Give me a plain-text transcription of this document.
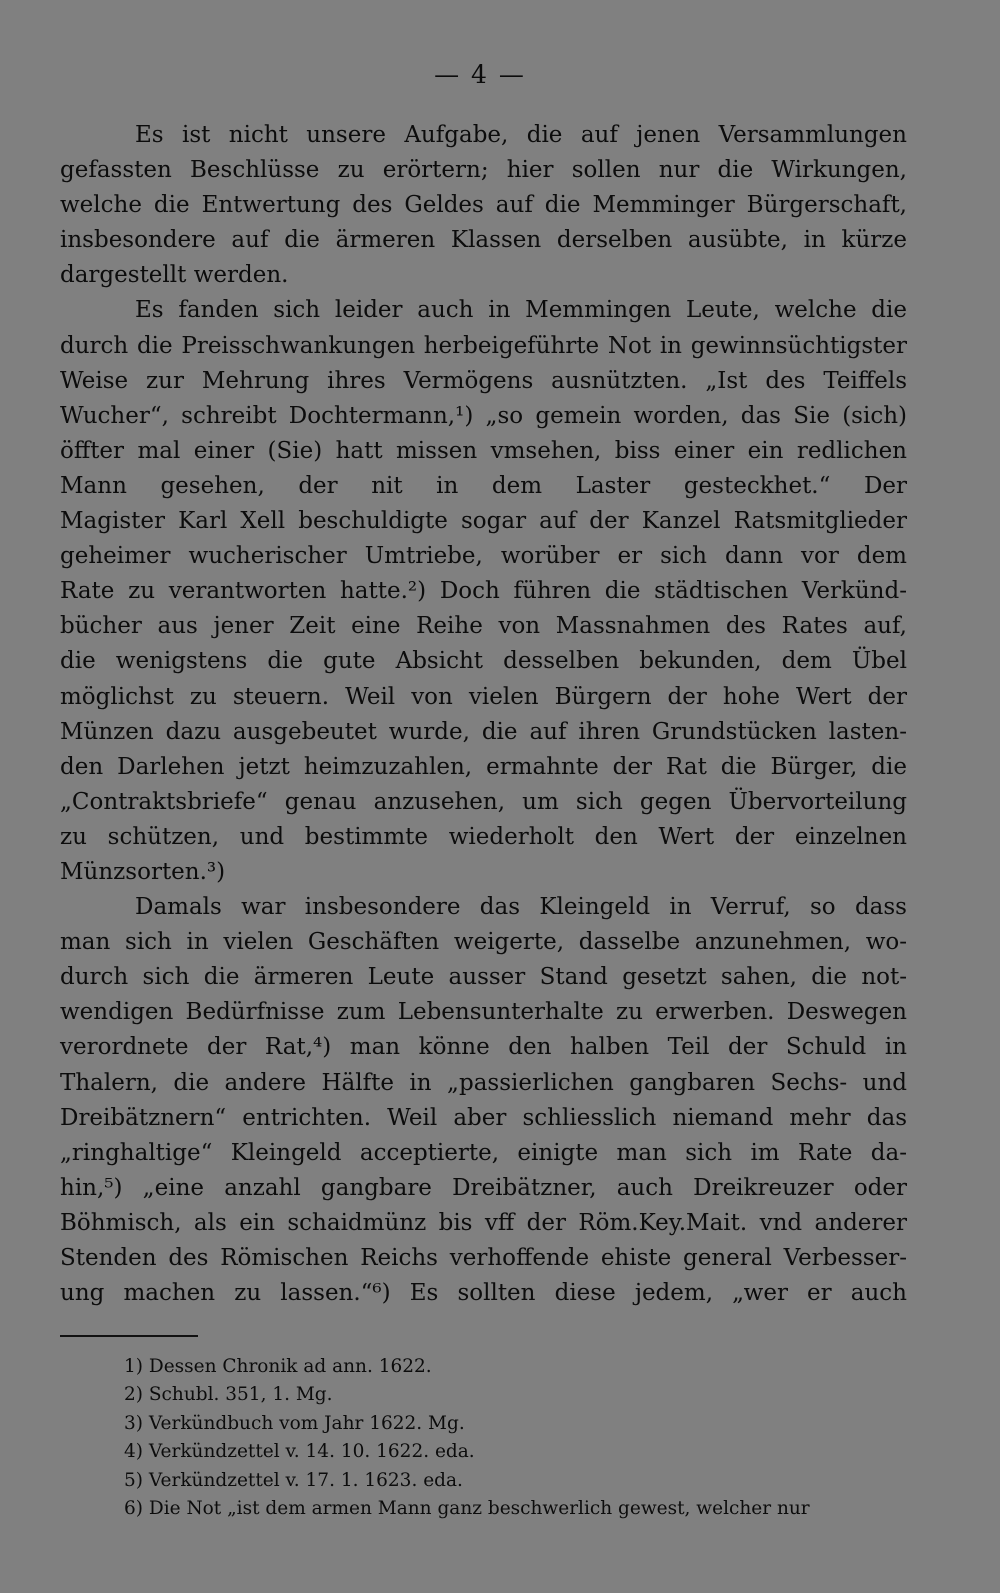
— 4 —
Es ist nicht unsere Aufgabe, die auf jenen Versammlungen
gefassten Beschlüsse zu erörtern; hier sollen nur die Wirkungen,
welche die Entwertung des Geldes auf die Memminger Bürgerschaft,
insbesondere auf die ärmeren Klassen derselben ausübte, in kürze
dargestellt werden.
Es fanden sich leider auch in Memmingen Leute, welche die
durch die Preisschwankungen herbeigeführte Not in gewinnsüchtigster
Weise zur Mehrung ihres Vermögens ausnützten. „Ist des Teiffels
Wucher“, schreibt Dochtermann,¹) „so gemein worden, das Sie (sich)
öffter mal einer (Sie) hatt missen vmsehen, biss einer ein redlichen
Mann gesehen, der nit in dem Laster gesteckhet.“ Der
Magister Karl Xell beschuldigte sogar auf der Kanzel Ratsmitglieder
geheimer wucherischer Umtriebe, worüber er sich dann vor dem
Rate zu verantworten hatte.²) Doch führen die städtischen Verkünd-
bücher aus jener Zeit eine Reihe von Massnahmen des Rates auf,
die wenigstens die gute Absicht desselben bekunden, dem Übel
möglichst zu steuern. Weil von vielen Bürgern der hohe Wert der
Münzen dazu ausgebeutet wurde, die auf ihren Grundstücken lasten-
den Darlehen jetzt heimzuzahlen, ermahnte der Rat die Bürger, die
„Contraktsbriefe“ genau anzusehen, um sich gegen Übervorteilung
zu schützen, und bestimmte wiederholt den Wert der einzelnen
Münzsorten.³)
Damals war insbesondere das Kleingeld in Verruf, so dass
man sich in vielen Geschäften weigerte, dasselbe anzunehmen, wo-
durch sich die ärmeren Leute ausser Stand gesetzt sahen, die not-
wendigen Bedürfnisse zum Lebensunterhalte zu erwerben. Deswegen
verordnete der Rat,⁴) man könne den halben Teil der Schuld in
Thalern, die andere Hälfte in „passierlichen gangbaren Sechs- und
Dreibätznern“ entrichten. Weil aber schliesslich niemand mehr das
„ringhaltige“ Kleingeld acceptierte, einigte man sich im Rate da-
hin,⁵) „eine anzahl gangbare Dreibätzner, auch Dreikreuzer oder
Böhmisch, als ein schaidmünz bis vff der Röm.Key.Mait. vnd anderer
Stenden des Römischen Reichs verhoffende ehiste general Verbesser-
ung machen zu lassen.“⁶) Es sollten diese jedem, „wer er auch
1) Dessen Chronik ad ann. 1622.
2) Schubl. 351, 1. Mg.
3) Verkündbuch vom Jahr 1622. Mg.
4) Verkündzettel v. 14. 10. 1622. eda.
5) Verkündzettel v. 17. 1. 1623. eda.
6) Die Not „ist dem armen Mann ganz beschwerlich gewest, welcher nur
